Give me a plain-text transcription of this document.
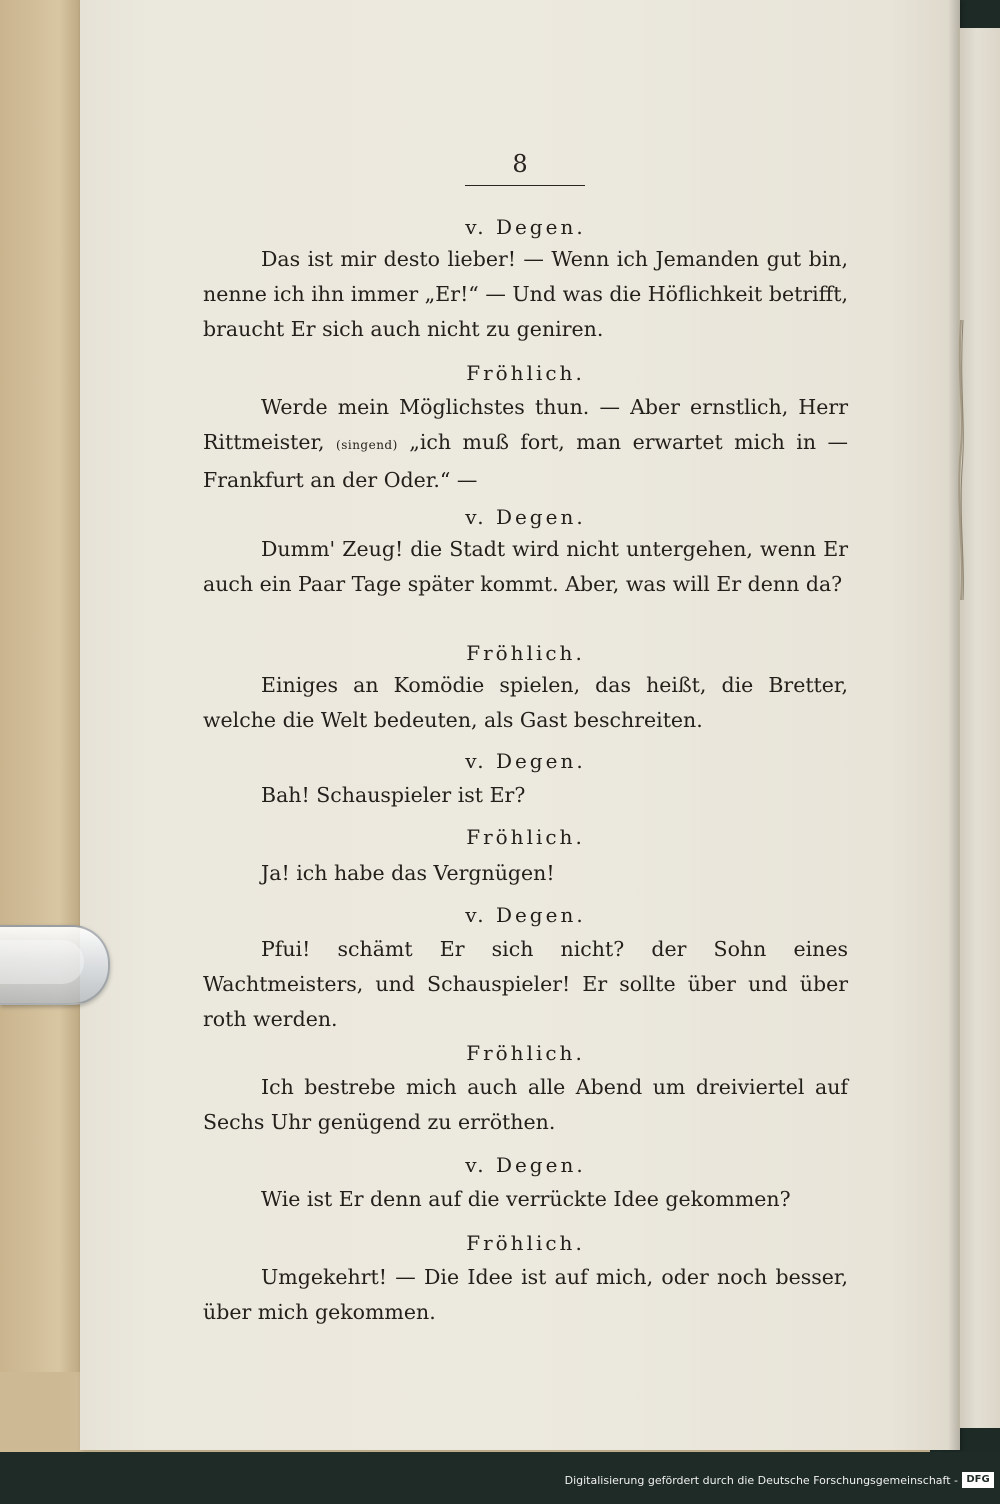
8
v. Degen.
Das ist mir desto lieber! — Wenn ich Jemanden gut bin, nenne ich ihn immer „Er!“ — Und was die Höflichkeit betrifft, braucht Er sich auch nicht zu geniren.
Fröhlich.
Werde mein Möglichstes thun. — Aber ernstlich, Herr Rittmeister, (singend) „ich muß fort, man erwartet mich in — Frankfurt an der Oder.“ —
v. Degen.
Dumm' Zeug! die Stadt wird nicht untergehen, wenn Er auch ein Paar Tage später kommt. Aber, was will Er denn da?
Fröhlich.
Einiges an Komödie spielen, das heißt, die Bretter, welche die Welt bedeuten, als Gast beschreiten.
v. Degen.
Bah! Schauspieler ist Er?
Fröhlich.
Ja! ich habe das Vergnügen!
v. Degen.
Pfui! schämt Er sich nicht? der Sohn eines Wachtmeisters, und Schauspieler! Er sollte über und über roth werden.
Fröhlich.
Ich bestrebe mich auch alle Abend um dreiviertel auf Sechs Uhr genügend zu erröthen.
v. Degen.
Wie ist Er denn auf die verrückte Idee gekommen?
Fröhlich.
Umgekehrt! — Die Idee ist auf mich, oder noch besser, über mich gekommen.
Digitalisierung gefördert durch die Deutsche Forschungsgemeinschaft - DFG
